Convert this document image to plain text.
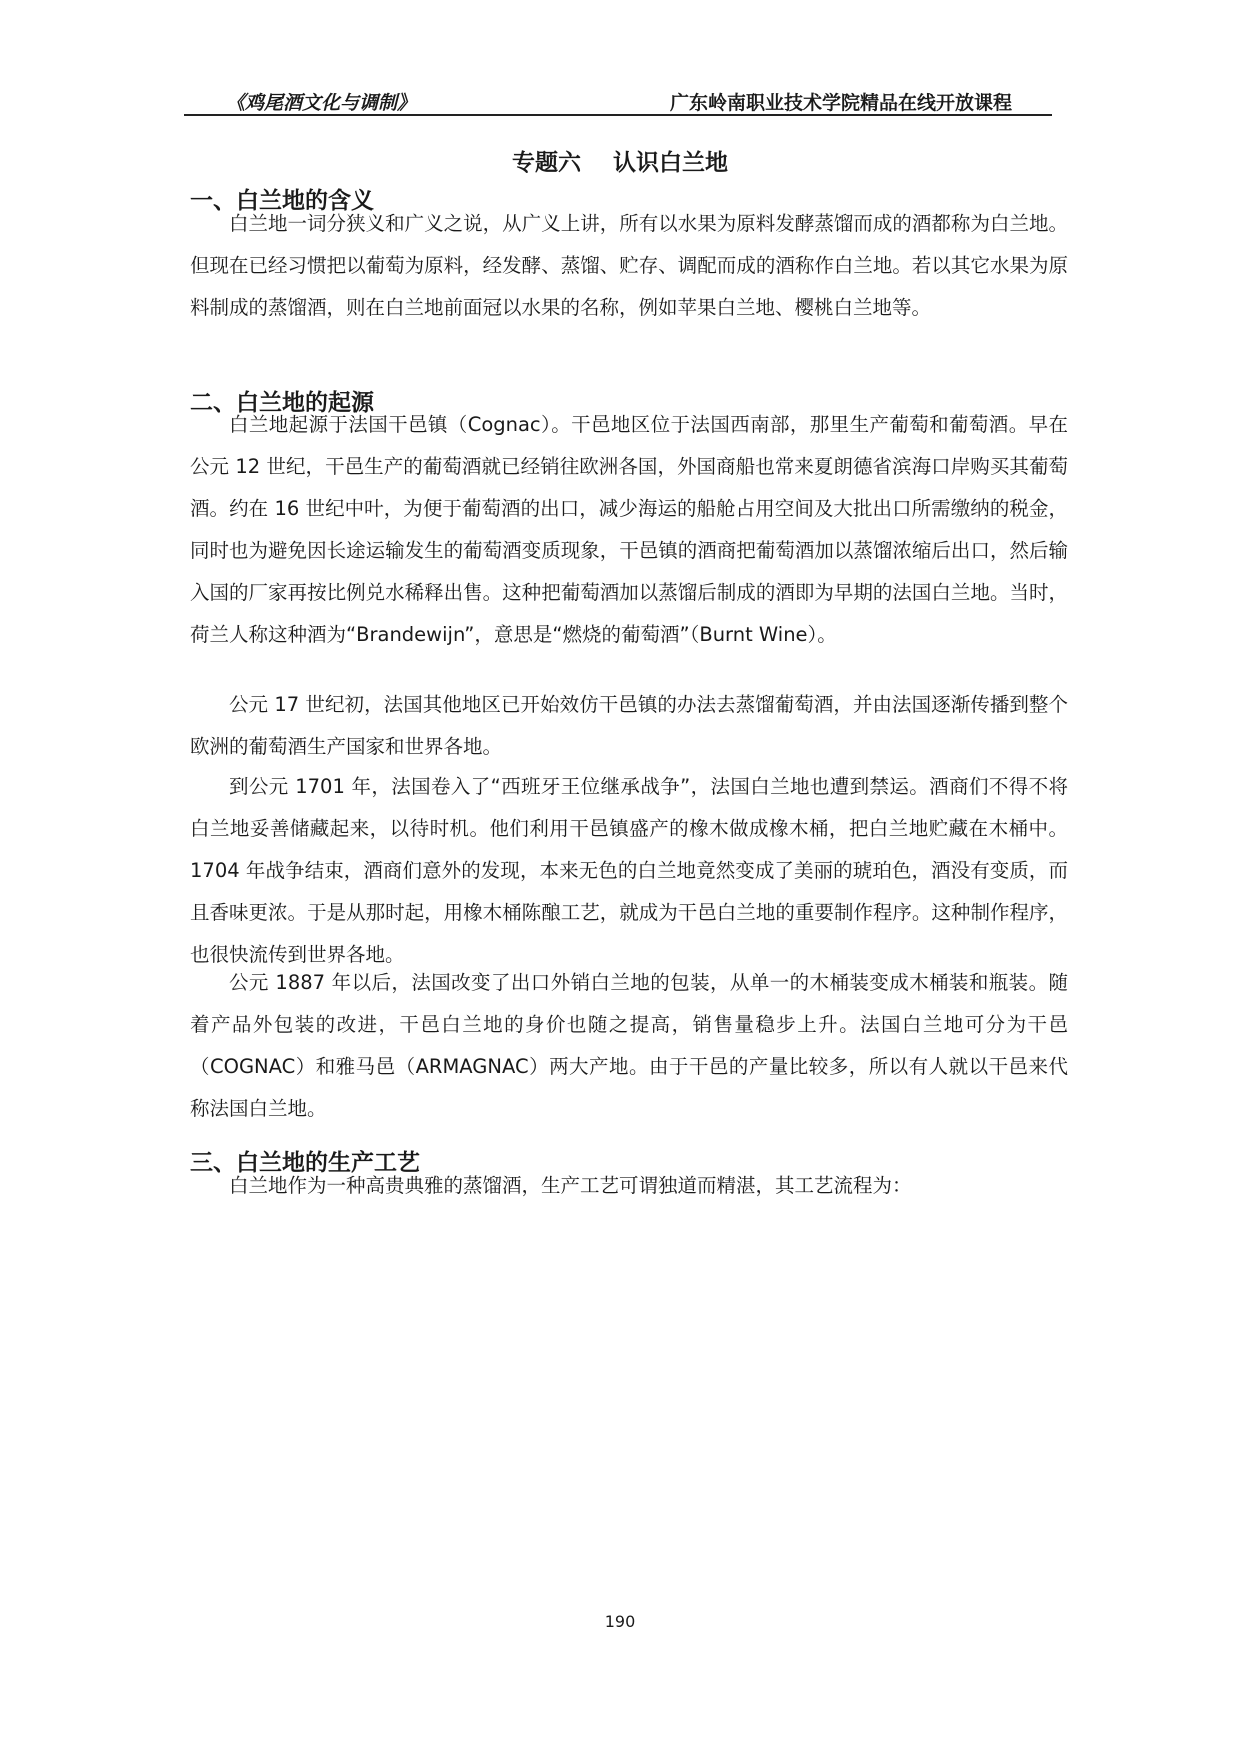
《鸡尾酒文化与调制》	广东岭南职业技术学院精品在线开放课程
专题六    认识白兰地
一、白兰地的含义

白兰地一词分狭义和广义之说，从广义上讲，所有以水果为原料发酵蒸馏而成的酒都称为白兰地。但现在已经习惯把以葡萄为原料，经发酵、蒸馏、贮存、调配而成的酒称作白兰地。若以其它水果为原料制成的蒸馏酒，则在白兰地前面冠以水果的名称，例如苹果白兰地、樱桃白兰地等。

二、白兰地的起源

白兰地起源于法国干邑镇（Cognac）。干邑地区位于法国西南部，那里生产葡萄和葡萄酒。早在公元 12 世纪，干邑生产的葡萄酒就已经销往欧洲各国，外国商船也常来夏朗德省滨海口岸购买其葡萄酒。约在 16 世纪中叶，为便于葡萄酒的出口，减少海运的船舱占用空间及大批出口所需缴纳的税金，同时也为避免因长途运输发生的葡萄酒变质现象，干邑镇的酒商把葡萄酒加以蒸馏浓缩后出口，然后输入国的厂家再按比例兑水稀释出售。这种把葡萄酒加以蒸馏后制成的酒即为早期的法国白兰地。当时，荷兰人称这种酒为“Brandewijn”，意思是“燃烧的葡萄酒”（Burnt Wine）。

公元 17 世纪初，法国其他地区已开始效仿干邑镇的办法去蒸馏葡萄酒，并由法国逐渐传播到整个欧洲的葡萄酒生产国家和世界各地。

到公元 1701 年，法国卷入了“西班牙王位继承战争”，法国白兰地也遭到禁运。酒商们不得不将白兰地妥善储藏起来，以待时机。他们利用干邑镇盛产的橡木做成橡木桶，把白兰地贮藏在木桶中。1704 年战争结束，酒商们意外的发现，本来无色的白兰地竟然变成了美丽的琥珀色，酒没有变质，而且香味更浓。于是从那时起，用橡木桶陈酿工艺，就成为干邑白兰地的重要制作程序。这种制作程序，也很快流传到世界各地。

公元 1887 年以后，法国改变了出口外销白兰地的包装，从单一的木桶装变成木桶装和瓶装。随着产品外包装的改进，干邑白兰地的身价也随之提高，销售量稳步上升。法国白兰地可分为干邑（COGNAC）和雅马邑（ARMAGNAC）两大产地。由于干邑的产量比较多，所以有人就以干邑来代称法国白兰地。

三、白兰地的生产工艺

白兰地作为一种高贵典雅的蒸馏酒，生产工艺可谓独道而精湛，其工艺流程为：

190
